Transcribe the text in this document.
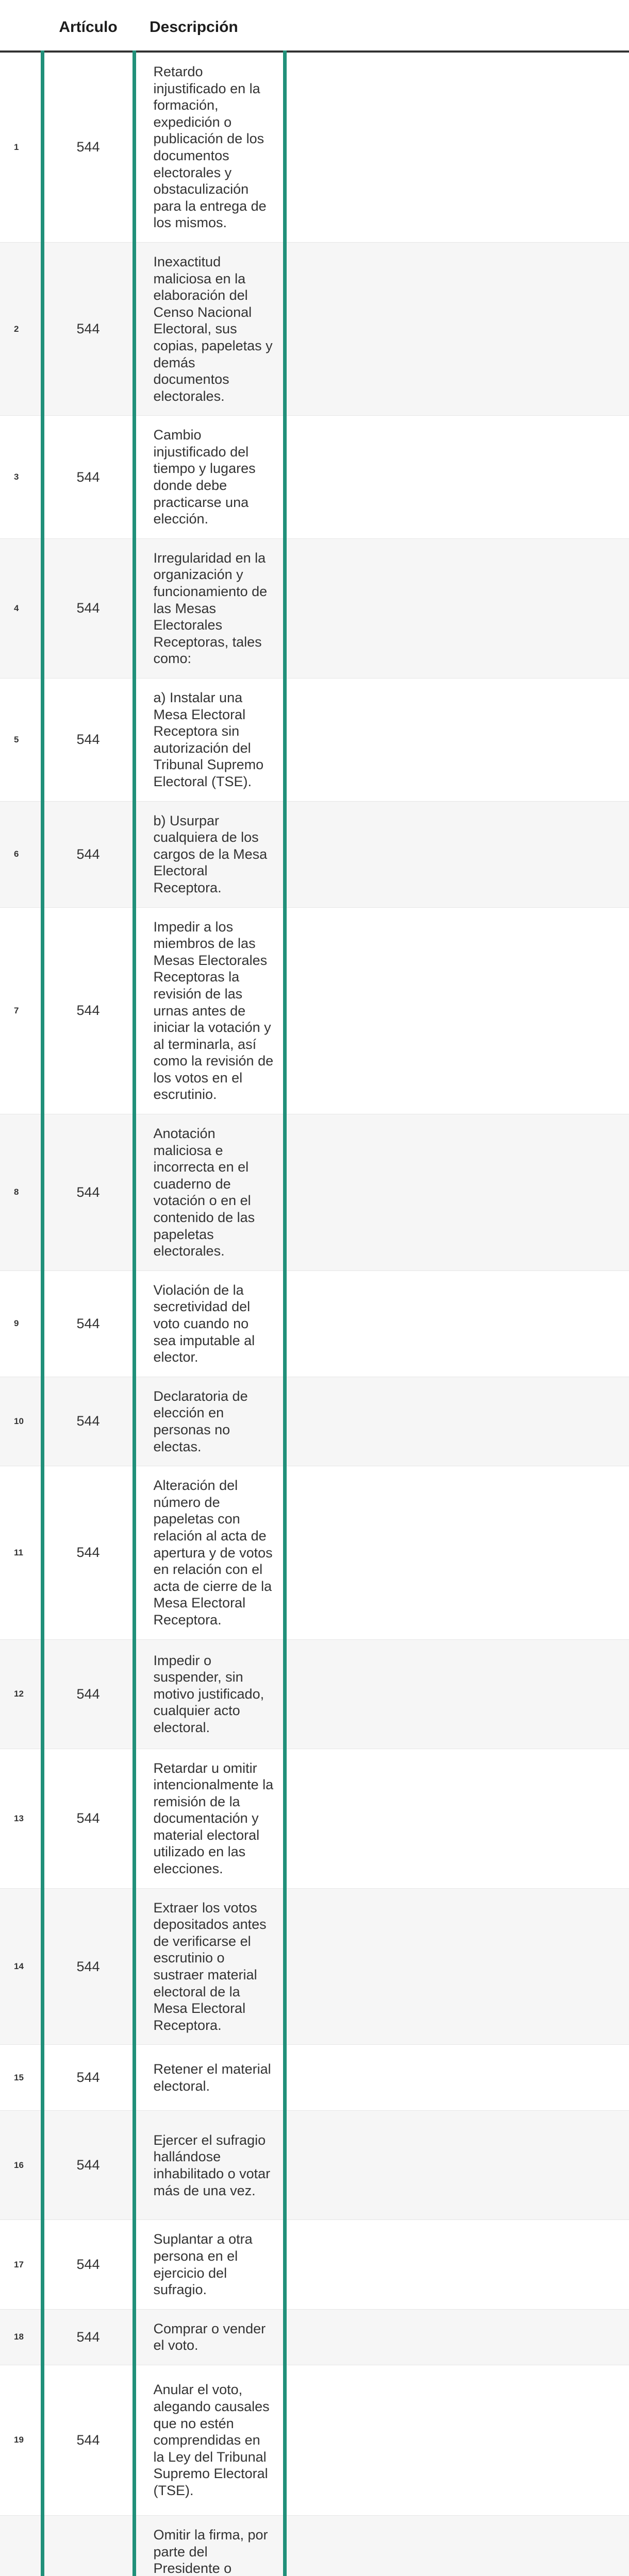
	Artículo	Descripción	
1	544	Retardo injustificado en la formación, expedición o publicación de los documentos electorales y obstaculización para la entrega de los mismos.	
2	544	Inexactitud maliciosa en la elaboración del Censo Nacional Electoral, sus copias, papeletas y demás documentos electorales.	
3	544	Cambio injustificado del tiempo y lugares donde debe practicarse una elección.	
4	544	Irregularidad en la organización y funcionamiento de las Mesas Electorales Receptoras, tales como:	
5	544	a) Instalar una Mesa Electoral Receptora sin autorización del Tribunal Supremo Electoral (TSE).	
6	544	b) Usurpar cualquiera de los cargos de la Mesa Electoral Receptora.	
7	544	Impedir a los miembros de las Mesas Electorales Receptoras la revisión de las urnas antes de iniciar la votación y al terminarla, así como la revisión de los votos en el escrutinio.	
8	544	Anotación maliciosa e incorrecta en el cuaderno de votación o en el contenido de las papeletas electorales.	
9	544	Violación de la secretividad del voto cuando no sea imputable al elector.	
10	544	Declaratoria de elección en personas no electas.	
11	544	Alteración del número de papeletas con relación al acta de apertura y de votos en relación con el acta de cierre de la Mesa Electoral Receptora.	
12	544	Impedir o suspender, sin motivo justificado, cualquier acto electoral.	
13	544	Retardar u omitir intencionalmente la remisión de la documentación y material electoral utilizado en las elecciones.	
14	544	Extraer los votos depositados antes de verificarse el escrutinio o sustraer material electoral de la Mesa Electoral Receptora.	
15	544	Retener el material electoral.	
16	544	Ejercer el sufragio hallándose inhabilitado o votar más de una vez.	
17	544	Suplantar a otra persona en el ejercicio del sufragio.	
18	544	Comprar o vender el voto.	
19	544	Anular el voto, alegando causales que no estén comprendidas en la Ley del Tribunal Supremo Electoral (TSE).	
		Omitir la firma, por parte del Presidente o	
